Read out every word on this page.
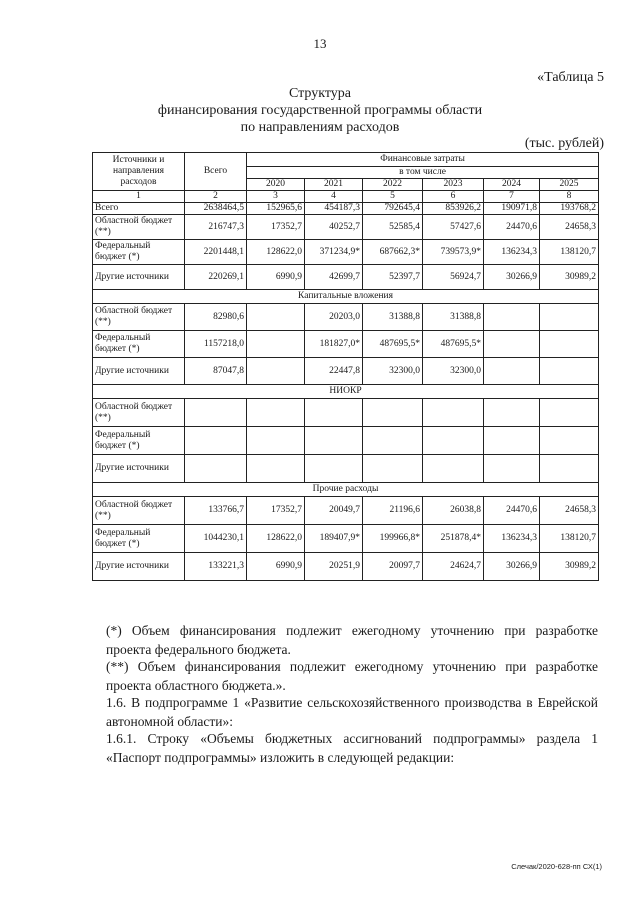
13
«Таблица 5
Структура
финансирования государственной программы области
по направлениям расходов
(тыс. рублей)
Источники и направления расходов	Всего	Финансовые затраты					
		в том числе					
		2020	2021	2022	2023	2024	2025
1	2	3	4	5	6	7	8
Всего	2638464,5	152965,6	454187,3	792645,4	853926,2	190971,8	193768,2
Областной бюджет (**)	216747,3	17352,7	40252,7	52585,4	57427,6	24470,6	24658,3
Федеральный бюджет (*)	2201448,1	128622,0	371234,9*	687662,3*	739573,9*	136234,3	138120,7
Другие источники	220269,1	6990,9	42699,7	52397,7	56924,7	30266,9	30989,2
Капитальные вложения							
Областной бюджет (**)	82980,6		20203,0	31388,8	31388,8		
Федеральный бюджет (*)	1157218,0		181827,0*	487695,5*	487695,5*		
Другие источники	87047,8		22447,8	32300,0	32300,0		
НИОКР							
Областной бюджет (**)							
Федеральный бюджет (*)							
Другие источники							
Прочие расходы							
Областной бюджет (**)	133766,7	17352,7	20049,7	21196,6	26038,8	24470,6	24658,3
Федеральный бюджет (*)	1044230,1	128622,0	189407,9*	199966,8*	251878,4*	136234,3	138120,7
Другие источники	133221,3	6990,9	20251,9	20097,7	24624,7	30266,9	30989,2
(*) Объем финансирования подлежит ежегодному уточнению при разработке проекта федерального бюджета.
(**) Объем финансирования подлежит ежегодному уточнению при разработке проекта областного бюджета.».
1.6. В подпрограмме 1 «Развитие сельскохозяйственного производства в Еврейской автономной области»:
1.6.1. Строку «Объемы бюджетных ассигнований подпрограммы» раздела 1 «Паспорт подпрограммы» изложить в следующей редакции:
Слечак/2020-628-пп СХ(1)
